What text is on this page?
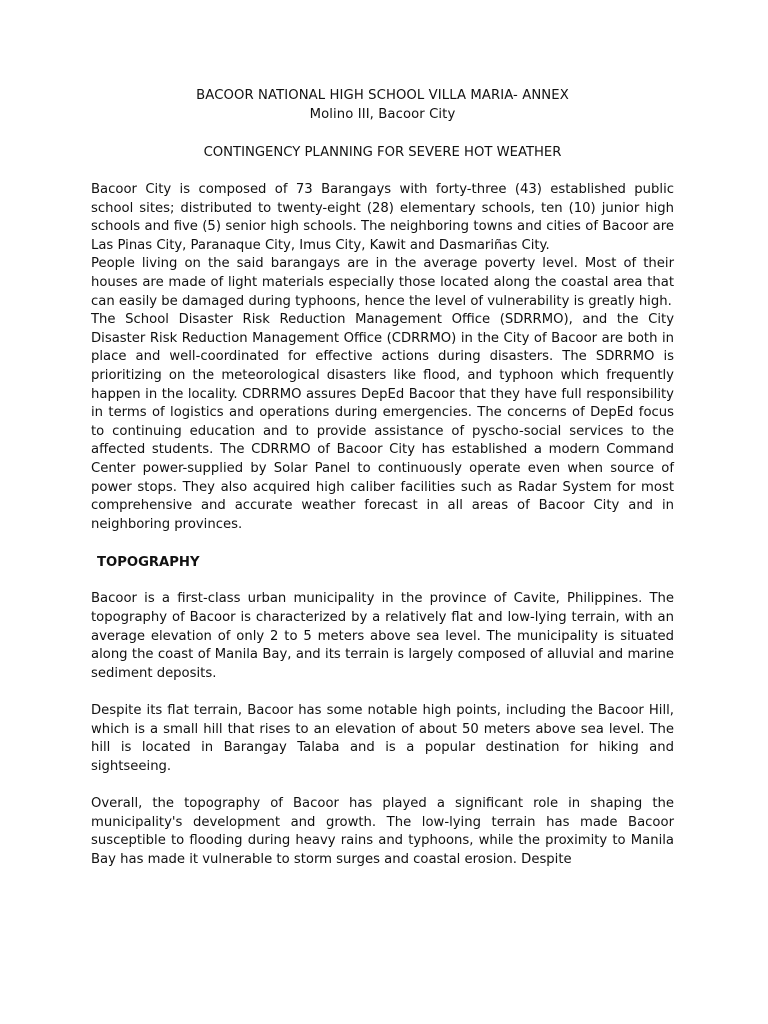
BACOOR NATIONAL HIGH SCHOOL VILLA MARIA- ANNEX
Molino III, Bacoor City
CONTINGENCY PLANNING FOR SEVERE HOT WEATHER

Bacoor City is composed of 73 Barangays with forty-three (43) established public school sites; distributed to twenty-eight (28) elementary schools, ten (10) junior high schools and five (5) senior high schools. The neighboring towns and cities of Bacoor are Las Pinas City, Paranaque City, Imus City, Kawit and Dasmariñas City.

People living on the said barangays are in the average poverty level. Most of their houses are made of light materials especially those located along the coastal area that can easily be damaged during typhoons, hence the level of vulnerability is greatly high.

The School Disaster Risk Reduction Management Office (SDRRMO), and the City Disaster Risk Reduction Management Office (CDRRMO) in the City of Bacoor are both in place and well-coordinated for effective actions during disasters. The SDRRMO is prioritizing on the meteorological disasters like flood, and typhoon which frequently happen in the locality. CDRRMO assures DepEd Bacoor that they have full responsibility in terms of logistics and operations during emergencies. The concerns of DepEd focus to continuing education and to provide assistance of pyscho-social services to the affected students. The CDRRMO of Bacoor City has established a modern Command Center power-supplied by Solar Panel to continuously operate even when source of power stops. They also acquired high caliber facilities such as Radar System for most comprehensive and accurate weather forecast in all areas of Bacoor City and in neighboring provinces.

TOPOGRAPHY

Bacoor is a first-class urban municipality in the province of Cavite, Philippines. The topography of Bacoor is characterized by a relatively flat and low-lying terrain, with an average elevation of only 2 to 5 meters above sea level. The municipality is situated along the coast of Manila Bay, and its terrain is largely composed of alluvial and marine sediment deposits.

Despite its flat terrain, Bacoor has some notable high points, including the Bacoor Hill, which is a small hill that rises to an elevation of about 50 meters above sea level. The hill is located in Barangay Talaba and is a popular destination for hiking and sightseeing.

Overall, the topography of Bacoor has played a significant role in shaping the municipality's development and growth. The low-lying terrain has made Bacoor susceptible to flooding during heavy rains and typhoons, while the proximity to Manila Bay has made it vulnerable to storm surges and coastal erosion. Despite
